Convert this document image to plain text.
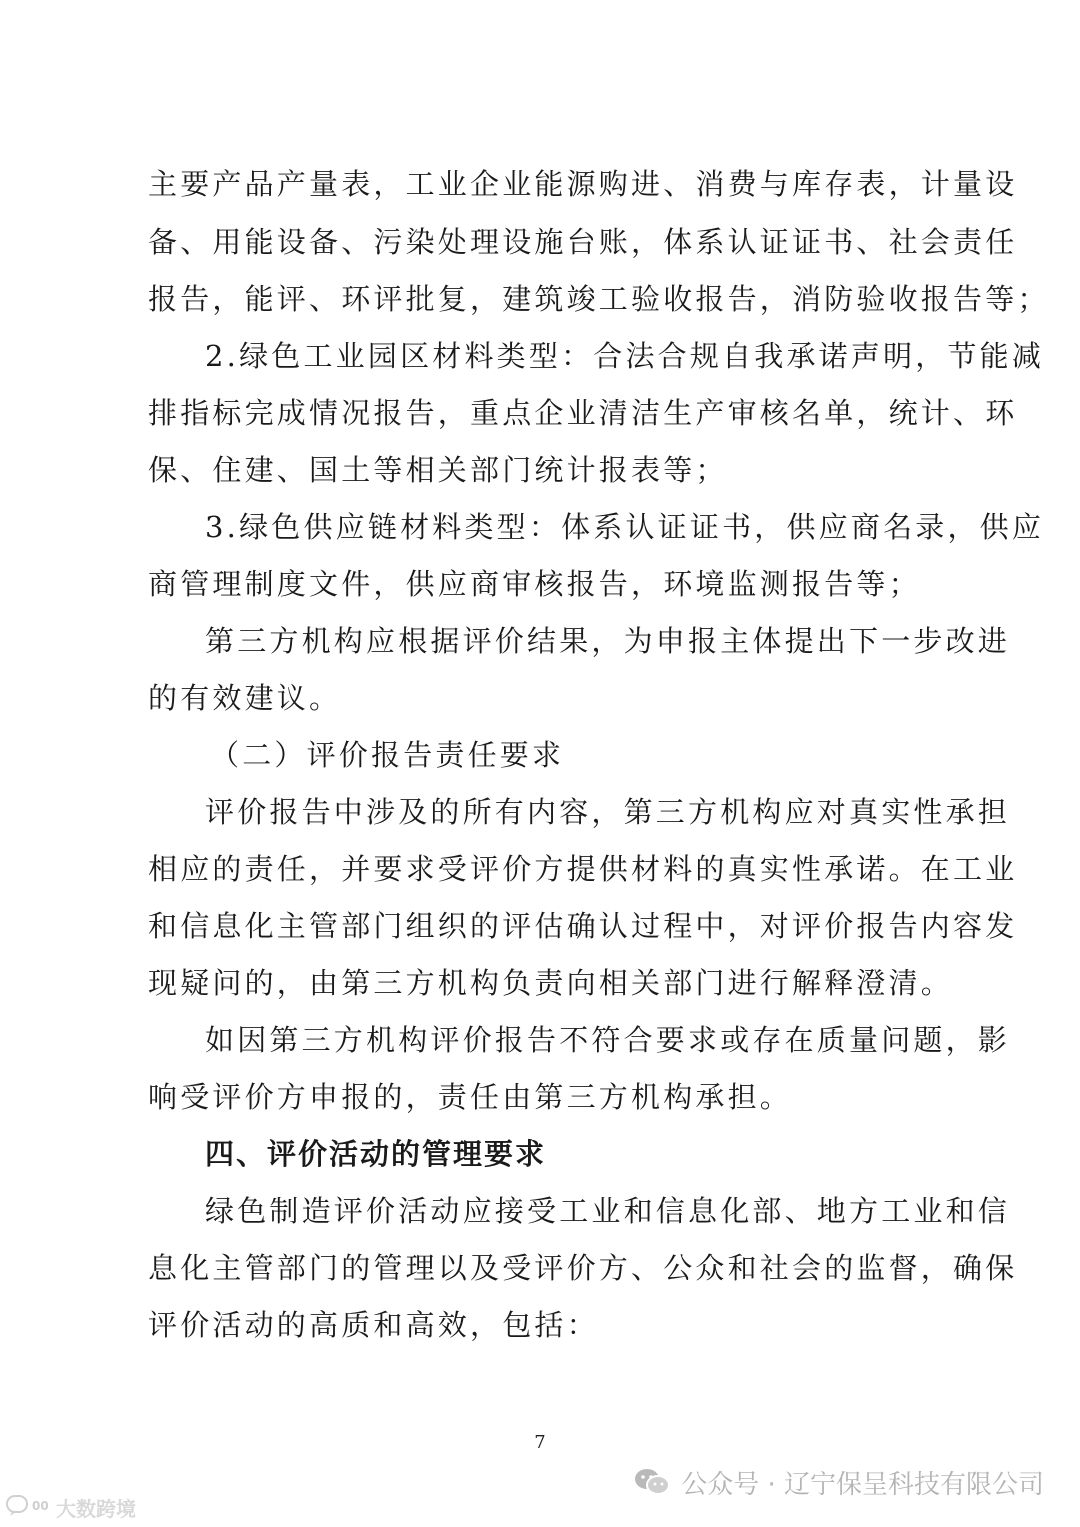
主要产品产量表，工业企业能源购进、消费与库存表，计量设
备、用能设备、污染处理设施台账，体系认证证书、社会责任
报告，能评、环评批复，建筑竣工验收报告，消防验收报告等；
2.绿色工业园区材料类型：合法合规自我承诺声明，节能减
排指标完成情况报告，重点企业清洁生产审核名单，统计、环
保、住建、国土等相关部门统计报表等；
3.绿色供应链材料类型：体系认证证书，供应商名录，供应
商管理制度文件，供应商审核报告，环境监测报告等；
第三方机构应根据评价结果，为申报主体提出下一步改进
的有效建议。
（二）评价报告责任要求
评价报告中涉及的所有内容，第三方机构应对真实性承担
相应的责任，并要求受评价方提供材料的真实性承诺。在工业
和信息化主管部门组织的评估确认过程中，对评价报告内容发
现疑问的，由第三方机构负责向相关部门进行解释澄清。
如因第三方机构评价报告不符合要求或存在质量问题，影
响受评价方申报的，责任由第三方机构承担。
四、评价活动的管理要求
绿色制造评价活动应接受工业和信息化部、地方工业和信
息化主管部门的管理以及受评价方、公众和社会的监督，确保
评价活动的高质和高效，包括：
7
公众号 · 辽宁保呈科技有限公司
00 大数跨境
